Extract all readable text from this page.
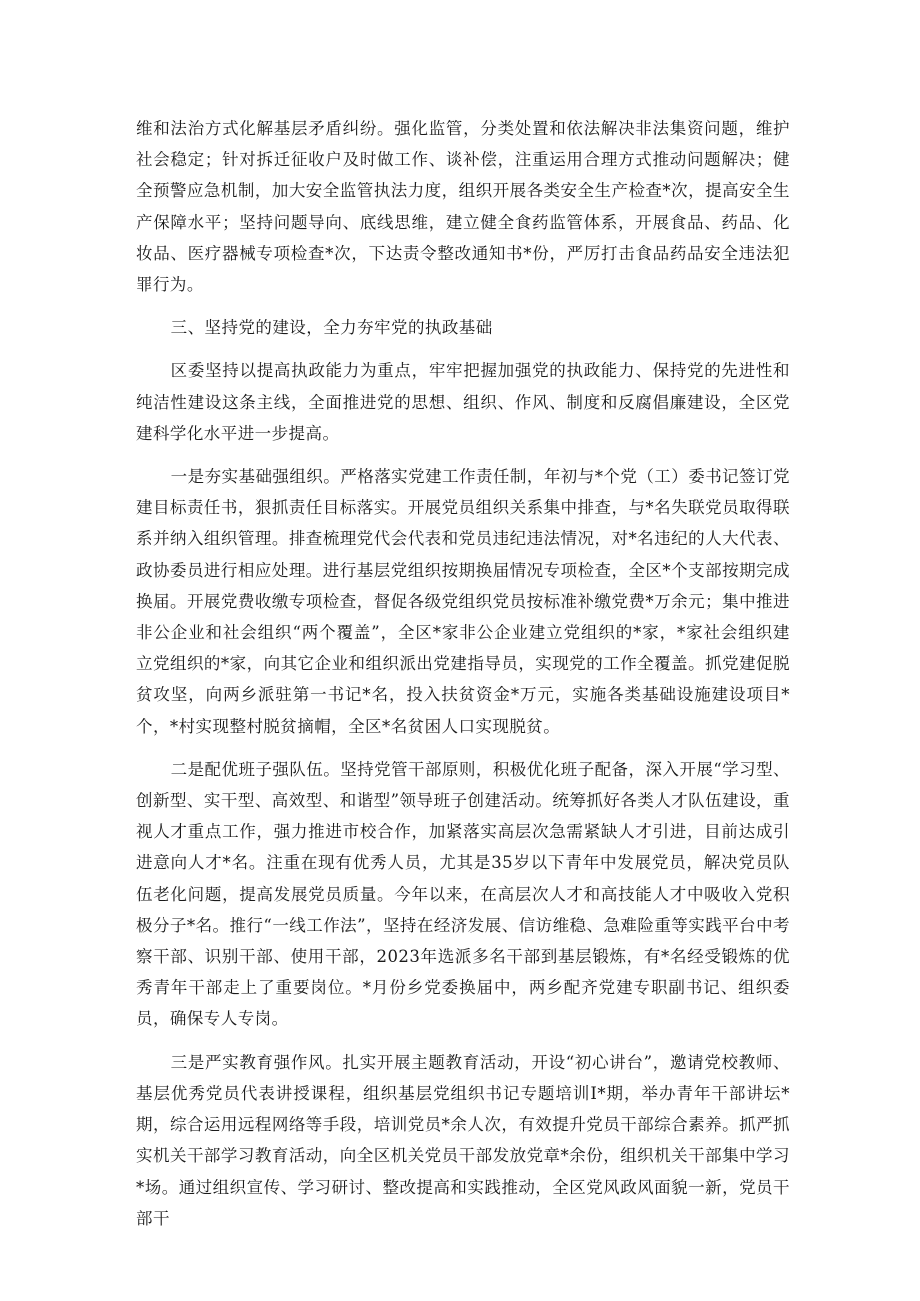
维和法治方式化解基层矛盾纠纷。强化监管，分类处置和依法解决非法集资问题，维护社会稳定；针对拆迁征收户及时做工作、谈补偿，注重运用合理方式推动问题解决；健全预警应急机制，加大安全监管执法力度，组织开展各类安全生产检查*次，提高安全生产保障水平；坚持问题导向、底线思维，建立健全食药监管体系，开展食品、药品、化妆品、医疗器械专项检查*次，下达责令整改通知书*份，严厉打击食品药品安全违法犯罪行为。

三、坚持党的建设，全力夯牢党的执政基础

区委坚持以提高执政能力为重点，牢牢把握加强党的执政能力、保持党的先进性和纯洁性建设这条主线，全面推进党的思想、组织、作风、制度和反腐倡廉建设，全区党建科学化水平进一步提高。

一是夯实基础强组织。严格落实党建工作责任制，年初与*个党（工）委书记签订党建目标责任书，狠抓责任目标落实。开展党员组织关系集中排查，与*名失联党员取得联系并纳入组织管理。排查梳理党代会代表和党员违纪违法情况，对*名违纪的人大代表、政协委员进行相应处理。进行基层党组织按期换届情况专项检查，全区*个支部按期完成换届。开展党费收缴专项检查，督促各级党组织党员按标准补缴党费*万余元；集中推进非公企业和社会组织“两个覆盖”，全区*家非公企业建立党组织的*家，*家社会组织建立党组织的*家，向其它企业和组织派出党建指导员，实现党的工作全覆盖。抓党建促脱贫攻坚，向两乡派驻第一书记*名，投入扶贫资金*万元，实施各类基础设施建设项目*个，*村实现整村脱贫摘帽，全区*名贫困人口实现脱贫。

二是配优班子强队伍。坚持党管干部原则，积极优化班子配备，深入开展“学习型、创新型、实干型、高效型、和谐型”领导班子创建活动。统筹抓好各类人才队伍建设，重视人才重点工作，强力推进市校合作，加紧落实高层次急需紧缺人才引进，目前达成引进意向人才*名。注重在现有优秀人员，尤其是35岁以下青年中发展党员，解决党员队伍老化问题，提高发展党员质量。今年以来，在高层次人才和高技能人才中吸收入党积极分子*名。推行“一线工作法”，坚持在经济发展、信访维稳、急难险重等实践平台中考察干部、识别干部、使用干部，2023年选派多名干部到基层锻炼，有*名经受锻炼的优秀青年干部走上了重要岗位。*月份乡党委换届中，两乡配齐党建专职副书记、组织委员，确保专人专岗。

三是严实教育强作风。扎实开展主题教育活动，开设“初心讲台”，邀请党校教师、基层优秀党员代表讲授课程，组织基层党组织书记专题培训I*期，举办青年干部讲坛*期，综合运用远程网络等手段，培训党员*余人次，有效提升党员干部综合素养。抓严抓实机关干部学习教育活动，向全区机关党员干部发放党章*余份，组织机关干部集中学习*场。通过组织宣传、学习研讨、整改提高和实践推动，全区党风政风面貌一新，党员干部干
